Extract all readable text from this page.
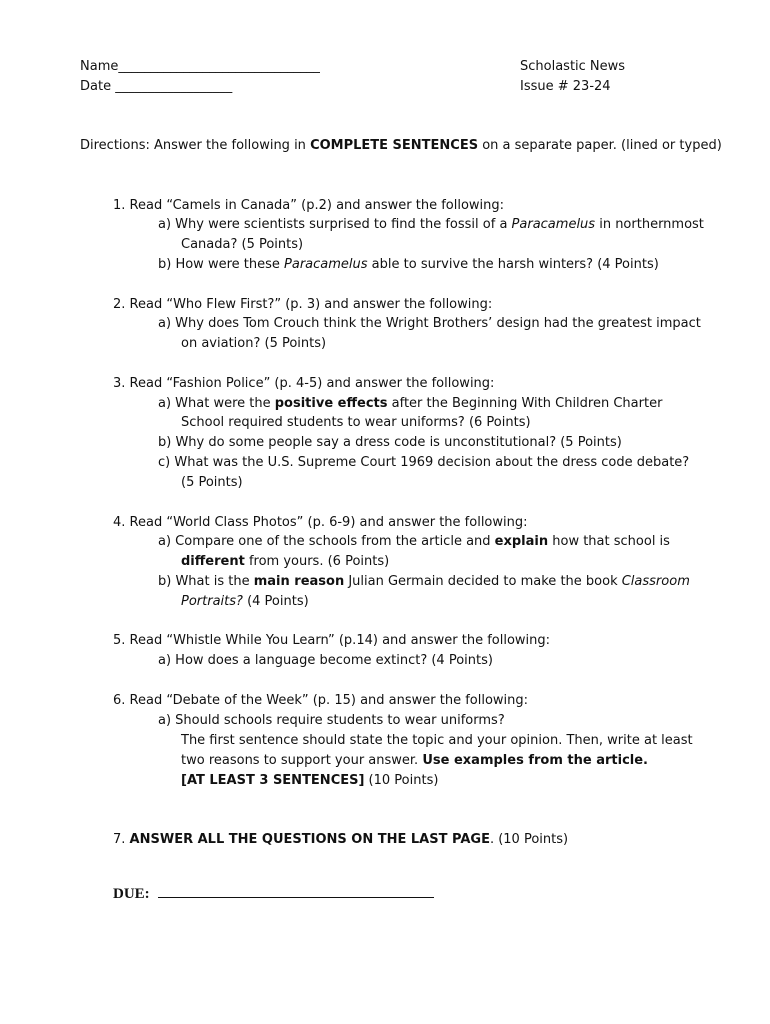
Name_______________________________
Date __________________
Scholastic News
Issue # 23-24
Directions: Answer the following in COMPLETE SENTENCES on a separate paper. (lined or typed)
1. Read “Camels in Canada” (p.2) and answer the following:
a) Why were scientists surprised to find the fossil of a Paracamelus in northernmost
Canada? (5 Points)
b) How were these Paracamelus able to survive the harsh winters? (4 Points)
2. Read “Who Flew First?” (p. 3) and answer the following:
a) Why does Tom Crouch think the Wright Brothers’ design had the greatest impact
on aviation? (5 Points)
3. Read “Fashion Police” (p. 4-5) and answer the following:
a) What were the positive effects after the Beginning With Children Charter
School required students to wear uniforms? (6 Points)
b) Why do some people say a dress code is unconstitutional? (5 Points)
c) What was the U.S. Supreme Court 1969 decision about the dress code debate?
(5 Points)
4. Read “World Class Photos” (p. 6-9) and answer the following:
a) Compare one of the schools from the article and explain how that school is
different from yours. (6 Points)
b) What is the main reason Julian Germain decided to make the book Classroom
Portraits? (4 Points)
5. Read “Whistle While You Learn” (p.14) and answer the following:
a) How does a language become extinct? (4 Points)
6. Read “Debate of the Week” (p. 15) and answer the following:
a) Should schools require students to wear uniforms?
The first sentence should state the topic and your opinion. Then, write at least
two reasons to support your answer. Use examples from the article.
[AT LEAST 3 SENTENCES] (10 Points)
7. ANSWER ALL THE QUESTIONS ON THE LAST PAGE. (10 Points)
DUE:
